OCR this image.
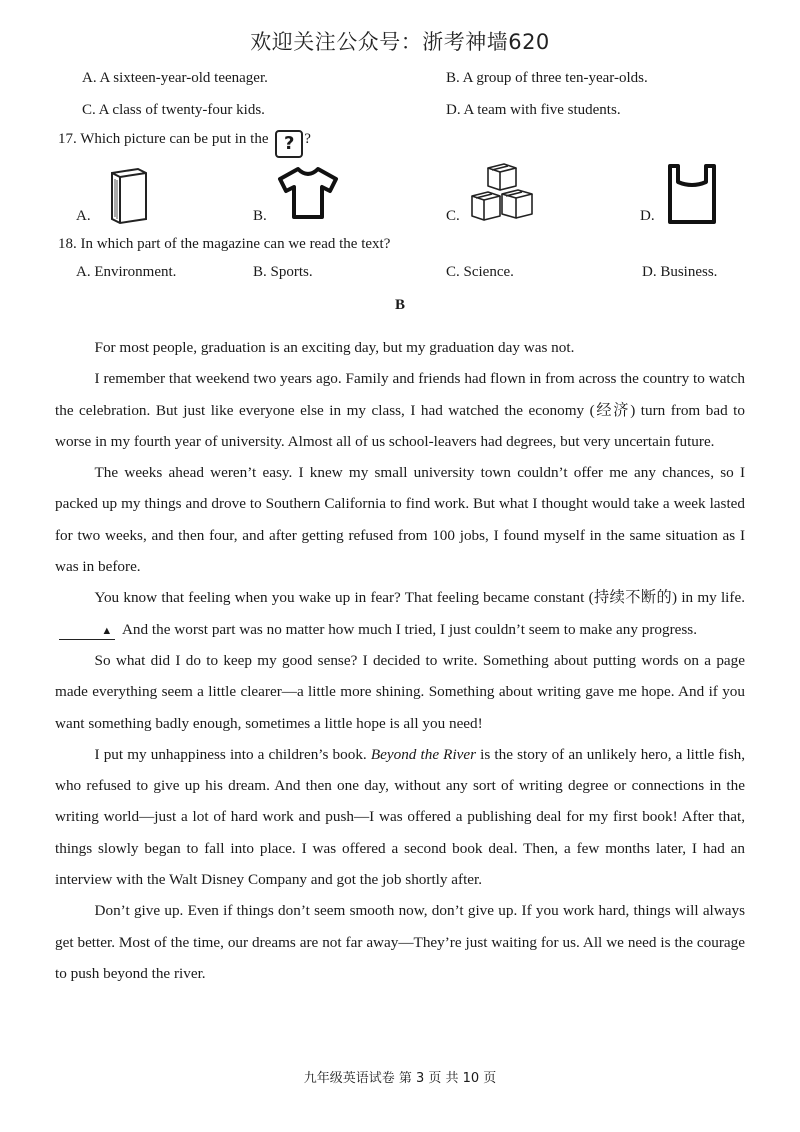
欢迎关注公众号：浙考神墙620
A. A sixteen-year-old teenager.	B. A group of three ten-year-olds.
C. A class of twenty-four kids.	D. A team with five students.
17. Which picture can be put in the ? ?
A.	B.	C.	D.
18. In which part of the magazine can we read the text?
A. Environment.	B. Sports.	C. Science.	D. Business.
B

For most people, graduation is an exciting day, but my graduation day was not.

I remember that weekend two years ago. Family and friends had flown in from across the country to watch the celebration. But just like everyone else in my class, I had watched the economy (经济) turn from bad to worse in my fourth year of university. Almost all of us school-leavers had degrees, but very uncertain future.

The weeks ahead weren’t easy. I knew my small university town couldn’t offer me any chances, so I packed up my things and drove to Southern California to find work. But what I thought would take a week lasted for two weeks, and then four, and after getting refused from 100 jobs, I found myself in the same situation as I was in before.

You know that feeling when you wake up in fear? That feeling became constant (持续不断的) in my life. ▲ And the worst part was no matter how much I tried, I just couldn’t seem to make any progress.

So what did I do to keep my good sense? I decided to write. Something about putting words on a page made everything seem a little clearer—a little more shining. Something about writing gave me hope. And if you want something badly enough, sometimes a little hope is all you need!

I put my unhappiness into a children’s book. Beyond the River is the story of an unlikely hero, a little fish, who refused to give up his dream. And then one day, without any sort of writing degree or connections in the writing world—just a lot of hard work and push—I was offered a publishing deal for my first book! After that, things slowly began to fall into place. I was offered a second book deal. Then, a few months later, I had an interview with the Walt Disney Company and got the job shortly after.

Don’t give up. Even if things don’t seem smooth now, don’t give up. If you work hard, things will always get better. Most of the time, our dreams are not far away—They’re just waiting for us. All we need is the courage to push beyond the river.

九年级英语试卷 第 3 页 共 10 页
